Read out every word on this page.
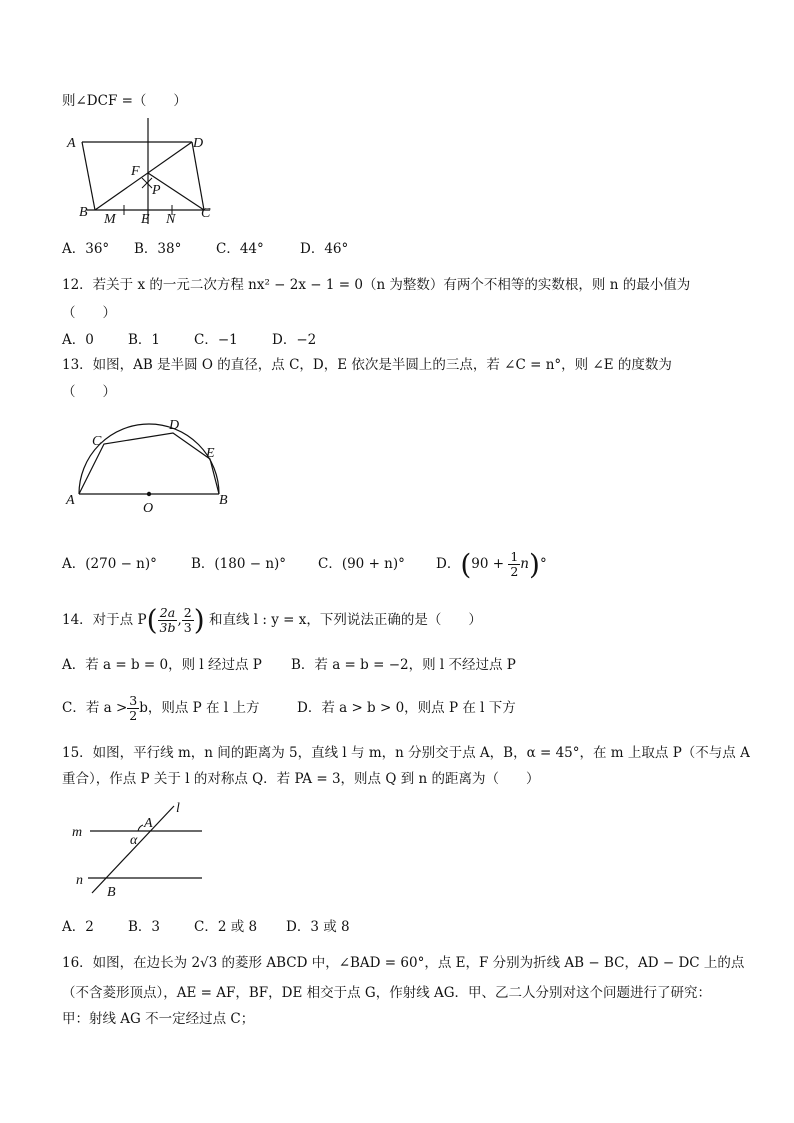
则∠DCF =（　　）
A	D
F
P
B M E N C
A．36° B．38°	C．44°	D．46°
12．若关于 x 的一元二次方程 nx² − 2x − 1 = 0（n 为整数）有两个不相等的实数根，则 n 的最小值为
（　　）
A．0	B．1	C．−1	D．−2
13．如图，AB 是半圆 O 的直径，点 C，D，E 依次是半圆上的三点，若 ∠C = n°，则 ∠E 的度数为
（　　）
C
D
E
A
O
B
A．(270 − n)°	B．(180 − n)° C．(90 + n)° D．$(90 + \frac{1}{2} n)^\circ$
14．对于点 $P( \frac{2a}{3b}$ , $\frac{2}{3}$ ) 和直线 l : y = x，下列说法正确的是（　　）
A．若 a = b = 0，则 l 经过点 P B．若 a = b = −2，则 l 不经过点 P
C．若 $a > \frac{3}{2}$ b，则点 P 在 l 上方	D．若 a > b > 0，则点 P 在 l 下方
15．如图，平行线 m，n 间的距离为 5，直线 l 与 m，n 分别交于点 A，B，α = 45°，在 m 上取点 P（不与点 A
重合），作点 P 关于 l 的对称点 Q．若 PA = 3，则点 Q 到 n 的距离为（　　）
l
m
A
α
n
B
A．2	B．3	C．2 或 8 D．3 或 8
16．如图，在边长为 2√3 的菱形 ABCD 中，∠BAD = 60°，点 E，F 分别为折线 AB − BC，AD − DC 上的点
（不含菱形顶点），AE = AF，BF，DE 相交于点 G，作射线 AG．甲、乙二人分别对这个问题进行了研究：
甲：射线 AG 不一定经过点 C；
